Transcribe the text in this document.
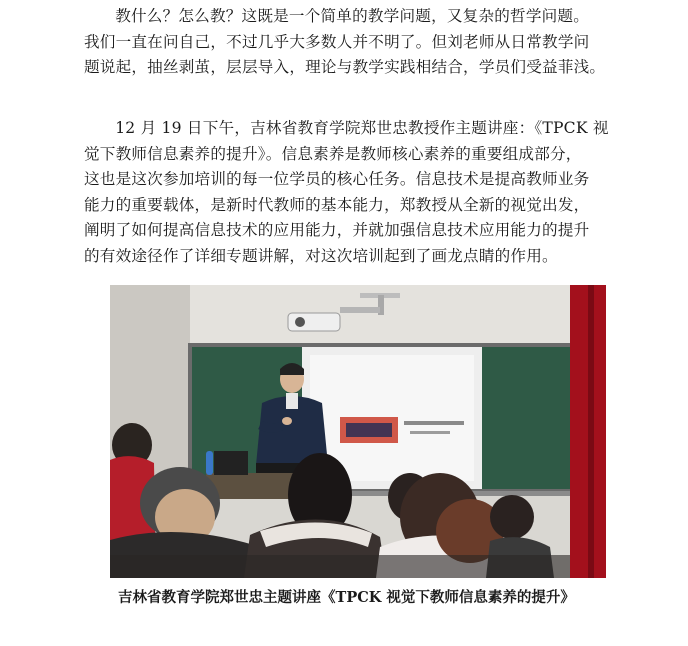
教什么？怎么教？这既是一个简单的教学问题，又复杂的哲学问题。
我们一直在问自己，不过几乎大多数人并不明了。但刘老师从日常教学问
题说起，抽丝剥茧，层层导入，理论与教学实践相结合，学员们受益菲浅。
12 月 19 日下午，吉林省教育学院郑世忠教授作主题讲座：《TPCK 视
觉下教师信息素养的提升》。信息素养是教师核心素养的重要组成部分，
这也是这次参加培训的每一位学员的核心任务。信息技术是提高教师业务
能力的重要载体，是新时代教师的基本能力，郑教授从全新的视觉出发，
阐明了如何提高信息技术的应用能力，并就加强信息技术应用能力的提升
的有效途径作了详细专题讲解，对这次培训起到了画龙点睛的作用。
吉林省教育学院郑世忠主题讲座《TPCK 视觉下教师信息素养的提升》
